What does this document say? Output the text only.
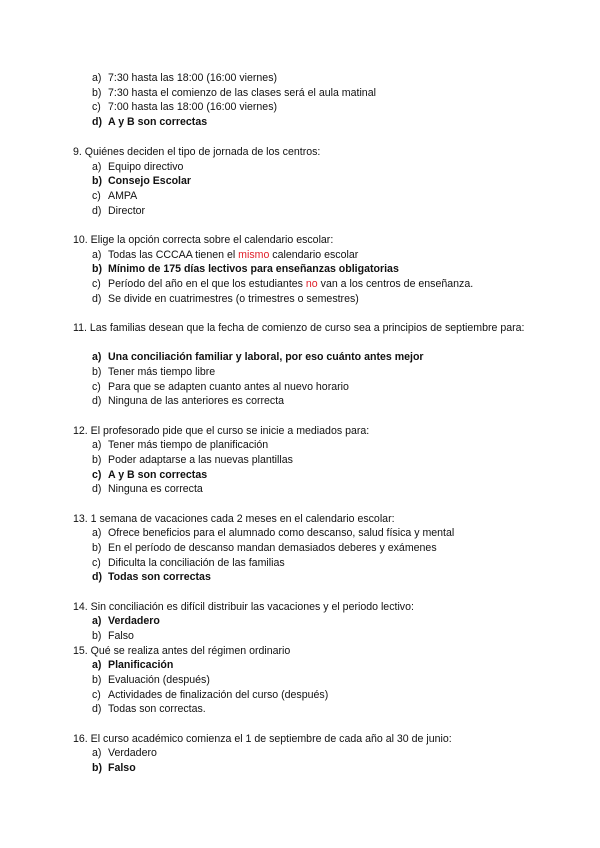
a) 7:30 hasta las 18:00 (16:00 viernes)
b) 7:30 hasta el comienzo de las clases será el aula matinal
c) 7:00 hasta las 18:00 (16:00 viernes)
d) A y B son correctas
9. Quiénes deciden el tipo de jornada de los centros:
a) Equipo directivo
b) Consejo Escolar
c) AMPA
d) Director
10. Elige la opción correcta sobre el calendario escolar:
a) Todas las CCCAA tienen el mismo calendario escolar
b) Mínimo de 175 días lectivos para enseñanzas obligatorias
c) Período del año en el que los estudiantes no van a los centros de enseñanza.
d) Se divide en cuatrimestres (o trimestres o semestres)
11. Las familias desean que la fecha de comienzo de curso sea a principios de septiembre para:
a) Una conciliación familiar y laboral, por eso cuánto antes mejor
b) Tener más tiempo libre
c) Para que se adapten cuanto antes al nuevo horario
d) Ninguna de las anteriores es correcta
12. El profesorado pide que el curso se inicie a mediados para:
a) Tener más tiempo de planificación
b) Poder adaptarse a las nuevas plantillas
c) A y B son correctas
d) Ninguna es correcta
13. 1 semana de vacaciones cada 2 meses en el calendario escolar:
a) Ofrece beneficios para el alumnado como descanso, salud física y mental
b) En el período de descanso mandan demasiados deberes y exámenes
c) Dificulta la conciliación de las familias
d) Todas son correctas
14. Sin conciliación es difícil distribuir las vacaciones y el periodo lectivo:
a) Verdadero
b) Falso
15. Qué se realiza antes del régimen ordinario
a) Planificación
b) Evaluación (después)
c) Actividades de finalización del curso (después)
d) Todas son correctas.
16. El curso académico comienza el 1 de septiembre de cada año al 30 de junio:
a) Verdadero
b) Falso
